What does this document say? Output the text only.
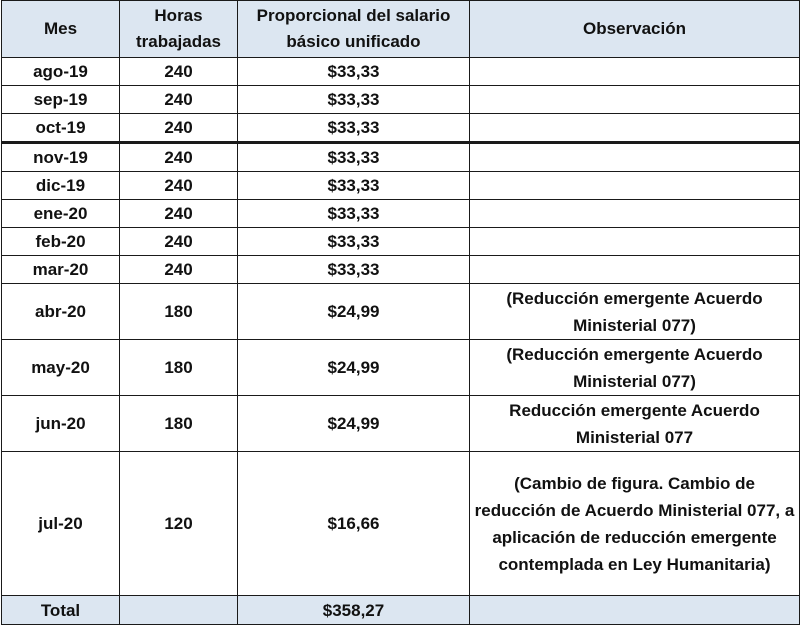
Mes	Horas trabajadas	Proporcional del salario básico unificado	Observación
ago-19	240	$33,33	
sep-19	240	$33,33	
oct-19	240	$33,33	
nov-19	240	$33,33	
dic-19	240	$33,33	
ene-20	240	$33,33	
feb-20	240	$33,33	
mar-20	240	$33,33	
abr-20	180	$24,99	(Reducción emergente Acuerdo Ministerial 077)
may-20	180	$24,99	(Reducción emergente Acuerdo Ministerial 077)
jun-20	180	$24,99	Reducción emergente Acuerdo Ministerial 077
jul-20	120	$16,66	(Cambio de figura. Cambio de reducción de Acuerdo Ministerial 077, a aplicación de reducción emergente contemplada en Ley Humanitaria)
Total		$358,27	
